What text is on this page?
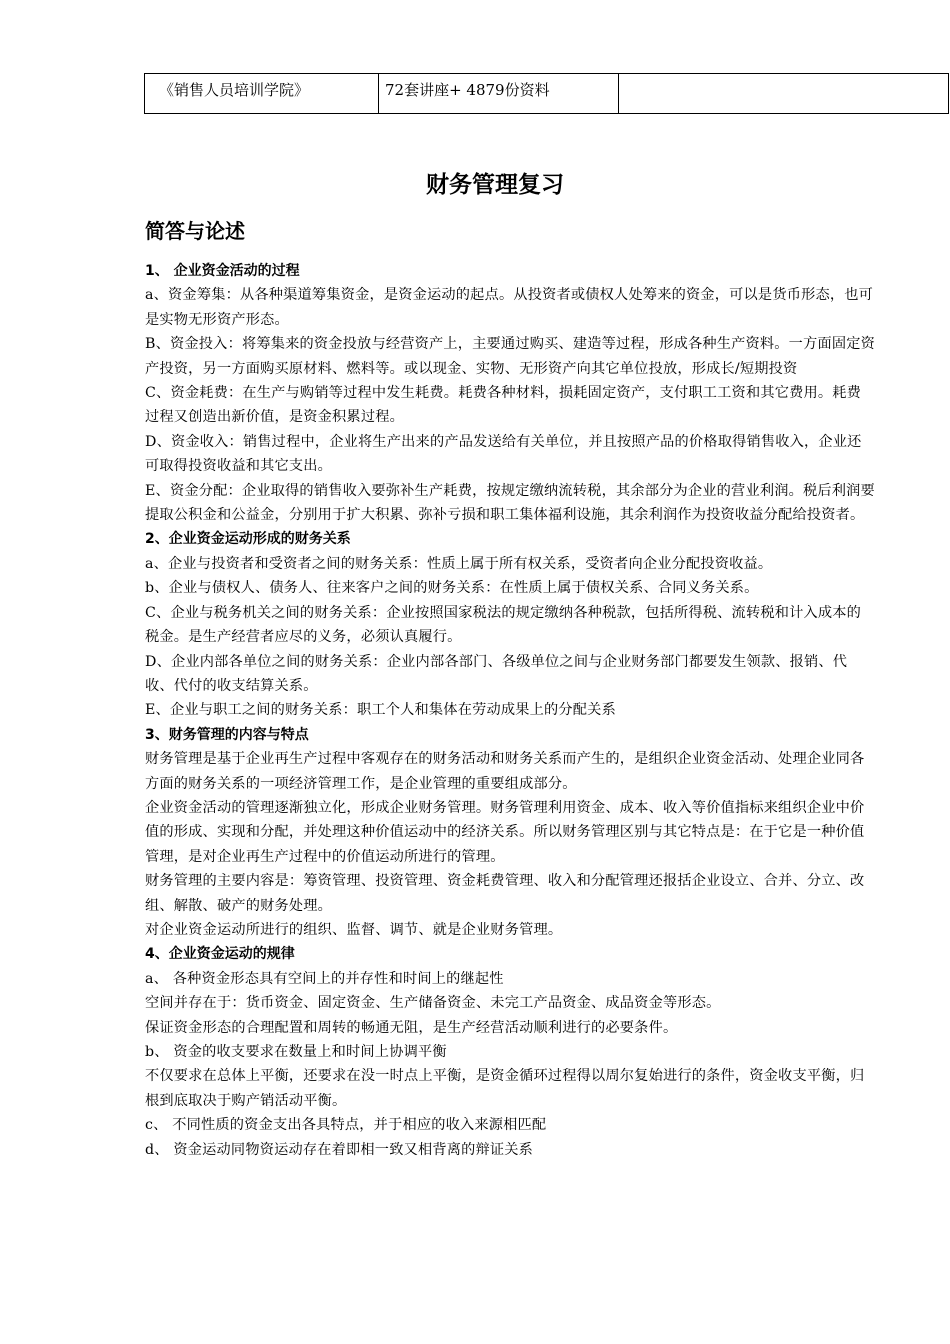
《销售人员培训学院》	72套讲座+ 4879份资料	
财务管理复习
简答与论述
1、 企业资金活动的过程
a、资金筹集：从各种渠道筹集资金，是资金运动的起点。从投资者或债权人处筹来的资金，可以是货币形态，也可是实物无形资产形态。
B、资金投入：将筹集来的资金投放与经营资产上，主要通过购买、建造等过程，形成各种生产资料。一方面固定资产投资，另一方面购买原材料、燃料等。或以现金、实物、无形资产向其它单位投放，形成长/短期投资
C、资金耗费：在生产与购销等过程中发生耗费。耗费各种材料，损耗固定资产，支付职工工资和其它费用。耗费过程又创造出新价值，是资金积累过程。
D、资金收入：销售过程中，企业将生产出来的产品发送给有关单位，并且按照产品的价格取得销售收入，企业还可取得投资收益和其它支出。
E、资金分配：企业取得的销售收入要弥补生产耗费，按规定缴纳流转税，其余部分为企业的营业利润。税后利润要提取公积金和公益金，分别用于扩大积累、弥补亏损和职工集体福利设施，其余利润作为投资收益分配给投资者。
2、企业资金运动形成的财务关系
a、企业与投资者和受资者之间的财务关系：性质上属于所有权关系，受资者向企业分配投资收益。
b、企业与债权人、债务人、往来客户之间的财务关系：在性质上属于债权关系、合同义务关系。
C、企业与税务机关之间的财务关系：企业按照国家税法的规定缴纳各种税款，包括所得税、流转税和计入成本的税金。是生产经营者应尽的义务，必须认真履行。
D、企业内部各单位之间的财务关系：企业内部各部门、各级单位之间与企业财务部门都要发生领款、报销、代收、代付的收支结算关系。
E、企业与职工之间的财务关系：职工个人和集体在劳动成果上的分配关系
3、财务管理的内容与特点
财务管理是基于企业再生产过程中客观存在的财务活动和财务关系而产生的，是组织企业资金活动、处理企业同各方面的财务关系的一项经济管理工作，是企业管理的重要组成部分。
企业资金活动的管理逐渐独立化，形成企业财务管理。财务管理利用资金、成本、收入等价值指标来组织企业中价值的形成、实现和分配，并处理这种价值运动中的经济关系。所以财务管理区别与其它特点是：在于它是一种价值管理，是对企业再生产过程中的价值运动所进行的管理。
财务管理的主要内容是：筹资管理、投资管理、资金耗费管理、收入和分配管理还报括企业设立、合并、分立、改组、解散、破产的财务处理。
对企业资金运动所进行的组织、监督、调节、就是企业财务管理。
4、企业资金运动的规律
a、 各种资金形态具有空间上的并存性和时间上的继起性
空间并存在于：货币资金、固定资金、生产储备资金、未完工产品资金、成品资金等形态。
保证资金形态的合理配置和周转的畅通无阻，是生产经营活动顺利进行的必要条件。
b、 资金的收支要求在数量上和时间上协调平衡
不仅要求在总体上平衡，还要求在没一时点上平衡，是资金循环过程得以周尔复始进行的条件，资金收支平衡，归根到底取决于购产销活动平衡。
c、 不同性质的资金支出各具特点，并于相应的收入来源相匹配
d、 资金运动同物资运动存在着即相一致又相背离的辩证关系
